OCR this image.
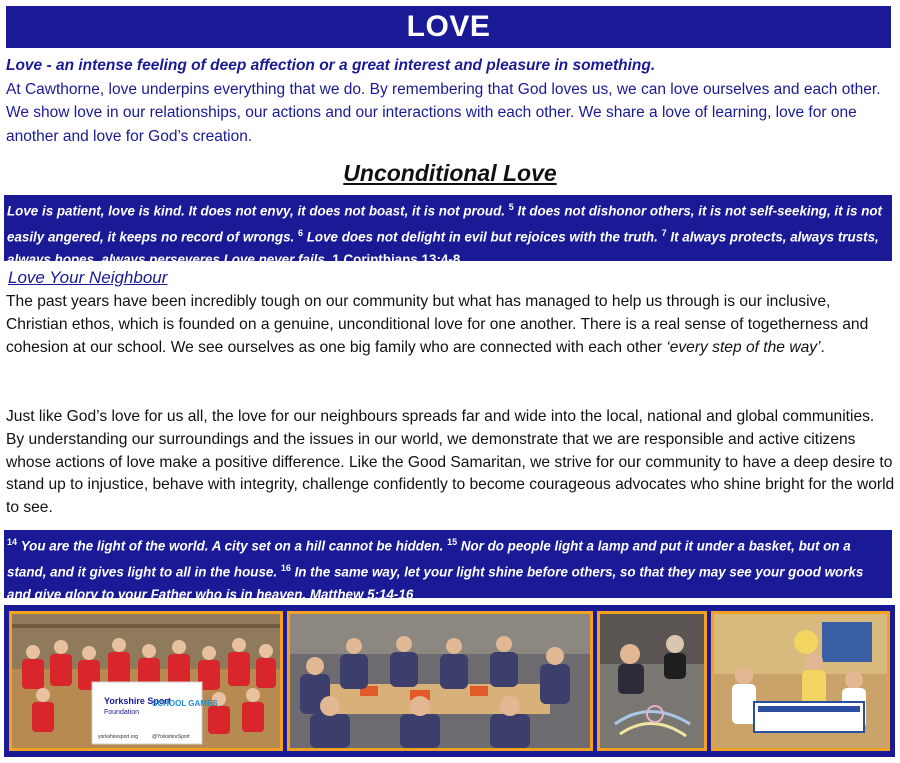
LOVE
Love - an intense feeling of deep affection or a great interest and pleasure in something.
At Cawthorne, love underpins everything that we do. By remembering that God loves us, we can love ourselves and each other. We show love in our relationships, our actions and our interactions with each other. We share a love of learning, love for one another and love for God’s creation.
Unconditional Love
Love is patient, love is kind. It does not envy, it does not boast, it is not proud. $^5$ It does not dishonor others, it is not self-seeking, it is not easily angered, it keeps no record of wrongs. $^6$ Love does not delight in evil but rejoices with the truth. $^7$ It always protects, always trusts, always hopes, always perseveres Love never fails. 1 Corinthians 13:4-8
Love Your Neighbour
The past years have been incredibly tough on our community but what has managed to help us through is our inclusive, Christian ethos, which is founded on a genuine, unconditional love for one another. There is a real sense of togetherness and cohesion at our school. We see ourselves as one big family who are connected with each other ‘every step of the way’.
Just like God’s love for us all, the love for our neighbours spreads far and wide into the local, national and global communities. By understanding our surroundings and the issues in our world, we demonstrate that we are responsible and active citizens whose actions of love make a positive difference. Like the Good Samaritan, we strive for our community to have a deep desire to stand up to injustice, behave with integrity, challenge confidently to become courageous advocates who shine bright for the world to see.
$^{14}$ You are the light of the world. A city set on a hill cannot be hidden. $^{15}$ Nor do people light a lamp and put it under a basket, but on a stand, and it gives light to all in the house. $^{16}$ In the same way, let your light shine before others, so that they may see your good works and give glory to your Father who is in heaven. Matthew 5:14-16
Yorkshire Sport
Foundation
SCHOOL GAMES
yorkshiresport.org	@YorkshireSport
